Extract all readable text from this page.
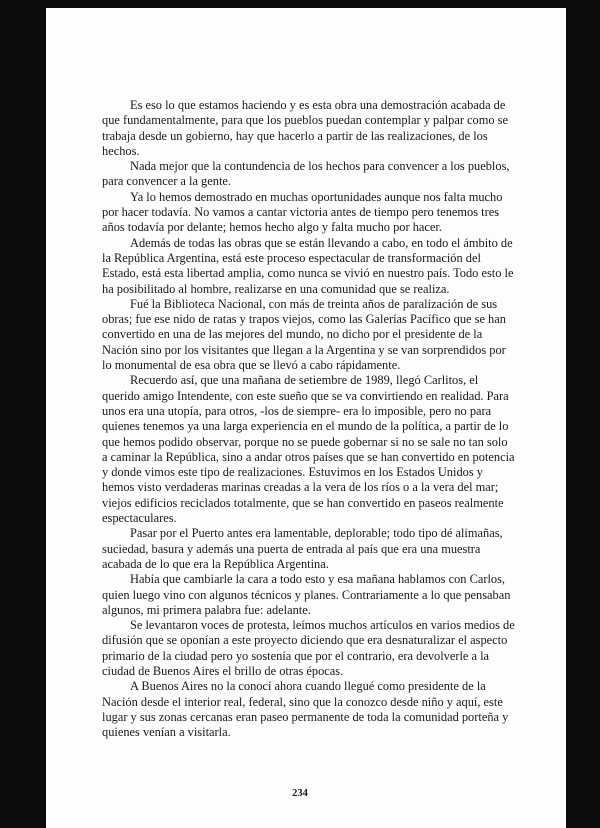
Es eso lo que estamos haciendo y es esta obra una demostración acabada de que fundamentalmente, para que los pueblos puedan contemplar y palpar como se trabaja desde un gobierno, hay que hacerlo a partir de las realizaciones, de los hechos.

Nada mejor que la contundencia de los hechos para convencer a los pueblos, para convencer a la gente.

Ya lo hemos demostrado en muchas oportunidades aunque nos falta mucho por hacer todavía. No vamos a cantar victoria antes de tiempo pero tenemos tres años todavía por delante; hemos hecho algo y falta mucho por hacer.

Además de todas las obras que se están llevando a cabo, en todo el ámbito de la República Argentina, está este proceso espectacular de transformación del Estado, está esta libertad amplia, como nunca se vivió en nuestro país. Todo esto le ha posibilitado al hombre, realizarse en una comunidad que se realiza.

Fué la Biblioteca Nacional, con más de treinta años de paralización de sus obras; fue ese nido de ratas y trapos viejos, como las Galerías Pacífico que se han convertido en una de las mejores del mundo, no dicho por el presidente de la Nación sino por los visitantes que llegan a la Argentina y se van sorprendidos por lo monumental de esa obra que se llevó a cabo rápidamente.

Recuerdo así, que una mañana de setiembre de 1989, llegó Carlitos, el querido amigo Intendente, con este sueño que se va convirtiendo en realidad. Para unos era una utopía, para otros, -los de siempre- era lo imposible, pero no para quienes tenemos ya una larga experiencia en el mundo de la política, a partir de lo que hemos podido observar, porque no se puede gobernar si no se sale no tan solo a caminar la República, sino a andar otros países que se han convertido en potencia y donde vimos este tipo de realizaciones. Estuvimos en los Estados Unidos y hemos visto verdaderas marinas creadas a la vera de los ríos o a la vera del mar; viejos edificios reciclados totalmente, que se han convertido en paseos realmente espectaculares.

Pasar por el Puerto antes era lamentable, deplorable; todo tipo dé alimañas, suciedad, basura y además una puerta de entrada al país que era una muestra acabada de lo que era la República Argentina.

Había que cambiarle la cara a todo esto y esa mañana hablamos con Carlos, quien luego vino con algunos técnicos y planes. Contrariamente a lo que pensaban algunos, mi primera palabra fue: adelante.

Se levantaron voces de protesta, leímos muchos artículos en varios medios de difusión que se oponían a este proyecto diciendo que era desnaturalizar el aspecto primario de la ciudad pero yo sostenía que por el contrario, era devolverle a la ciudad de Buenos Aires el brillo de otras épocas.

A Buenos Aires no la conocí ahora cuando llegué como presidente de la Nación desde el interior real, federal, sino que la conozco desde niño y aquí, este lugar y sus zonas cercanas eran paseo permanente de toda la comunidad porteña y quienes venían a visitarla.

234
